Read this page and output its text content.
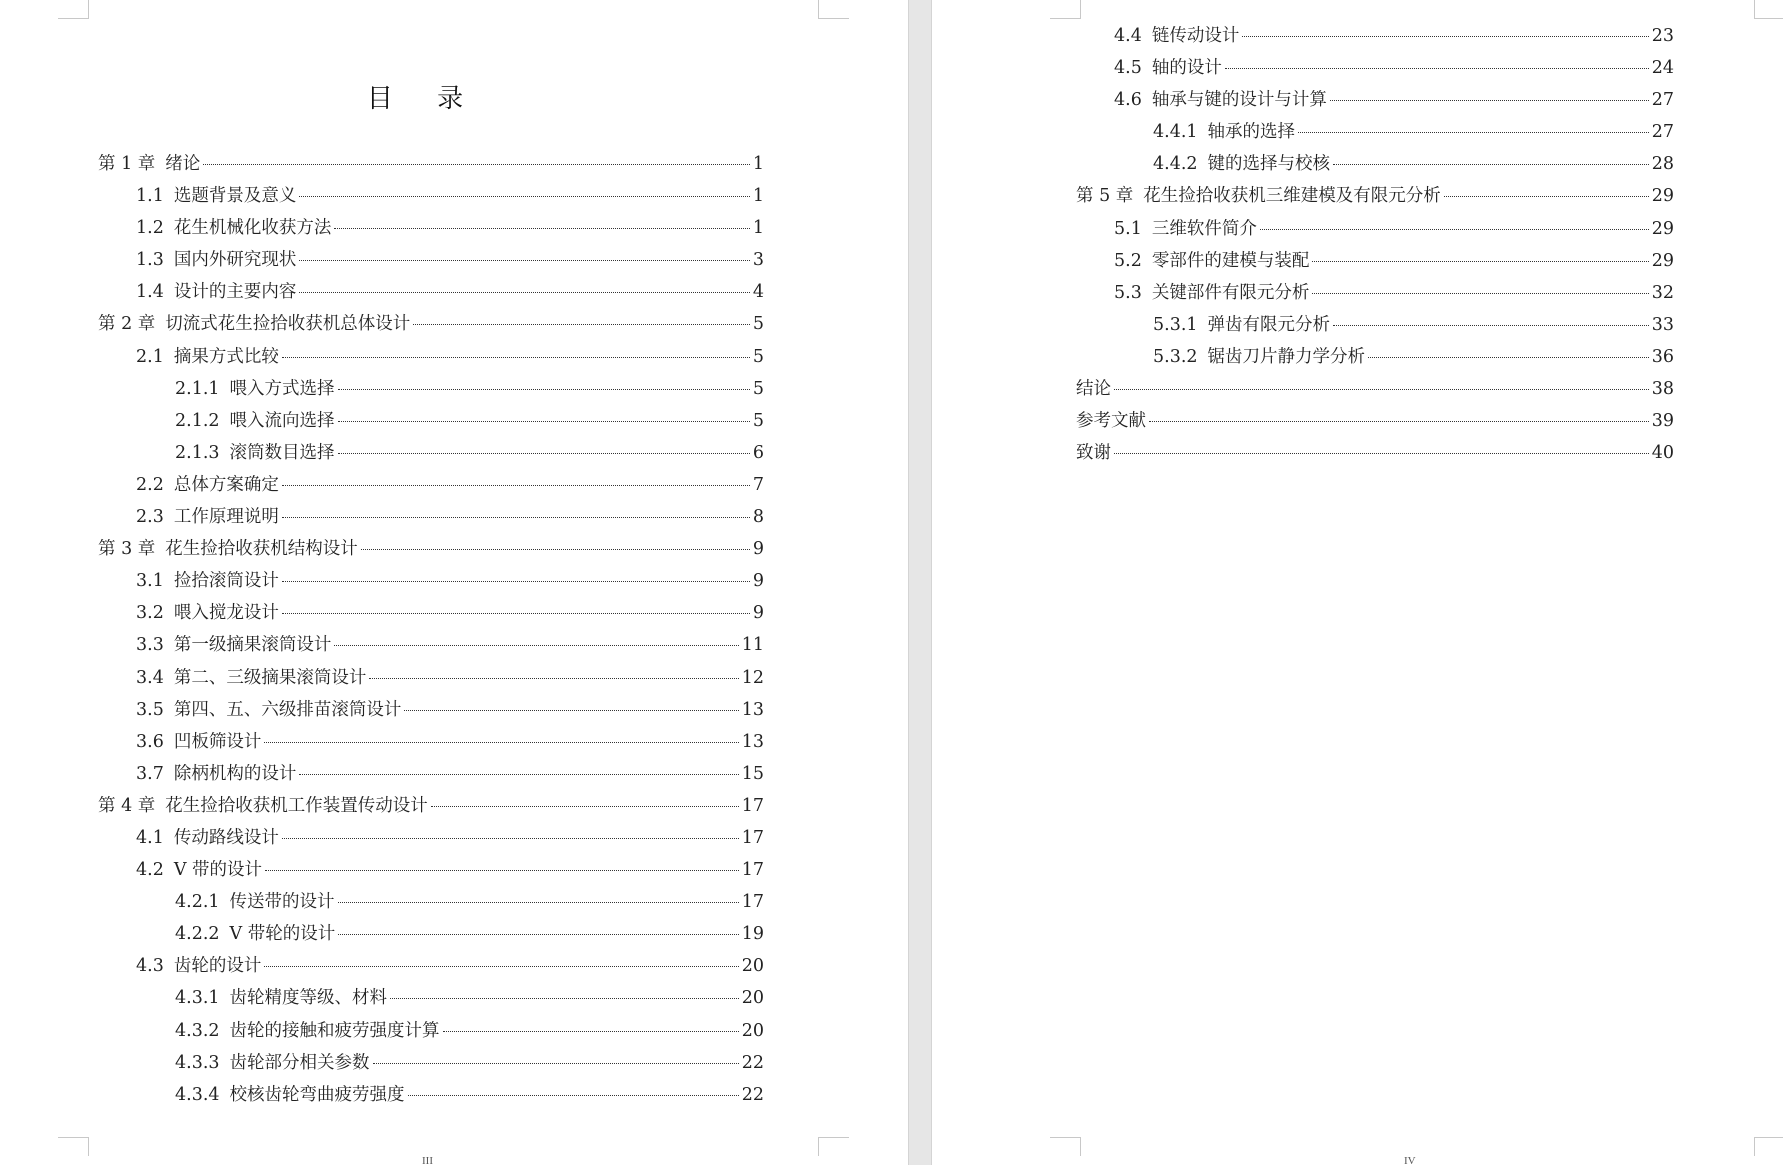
目 录
第 1 章 绪论	1
1.1 选题背景及意义	1
1.2 花生机械化收获方法	1
1.3 国内外研究现状	3
1.4 设计的主要内容	4
第 2 章 切流式花生捡拾收获机总体设计	5
2.1 摘果方式比较	5
2.1.1 喂入方式选择	5
2.1.2 喂入流向选择	5
2.1.3 滚筒数目选择	6
2.2 总体方案确定	7
2.3 工作原理说明	8
第 3 章 花生捡拾收获机结构设计	9
3.1 捡拾滚筒设计	9
3.2 喂入搅龙设计	9
3.3 第一级摘果滚筒设计	11
3.4 第二、三级摘果滚筒设计	12
3.5 第四、五、六级排苗滚筒设计	13
3.6 凹板筛设计	13
3.7 除柄机构的设计	15
第 4 章 花生捡拾收获机工作装置传动设计	17
4.1 传动路线设计	17
4.2 V 带的设计	17
4.2.1 传送带的设计	17
4.2.2 V 带轮的设计	19
4.3 齿轮的设计	20
4.3.1 齿轮精度等级、材料	20
4.3.2 齿轮的接触和疲劳强度计算	20
4.3.3 齿轮部分相关参数	22
4.3.4 校核齿轮弯曲疲劳强度	22
III
4.4 链传动设计	23
4.5 轴的设计	24
4.6 轴承与键的设计与计算	27
4.4.1 轴承的选择	27
4.4.2 键的选择与校核	28
第 5 章 花生捡拾收获机三维建模及有限元分析	29
5.1 三维软件简介	29
5.2 零部件的建模与装配	29
5.3 关键部件有限元分析	32
5.3.1 弹齿有限元分析	33
5.3.2 锯齿刀片静力学分析	36
结论	38
参考文献	39
致谢	40
IV
